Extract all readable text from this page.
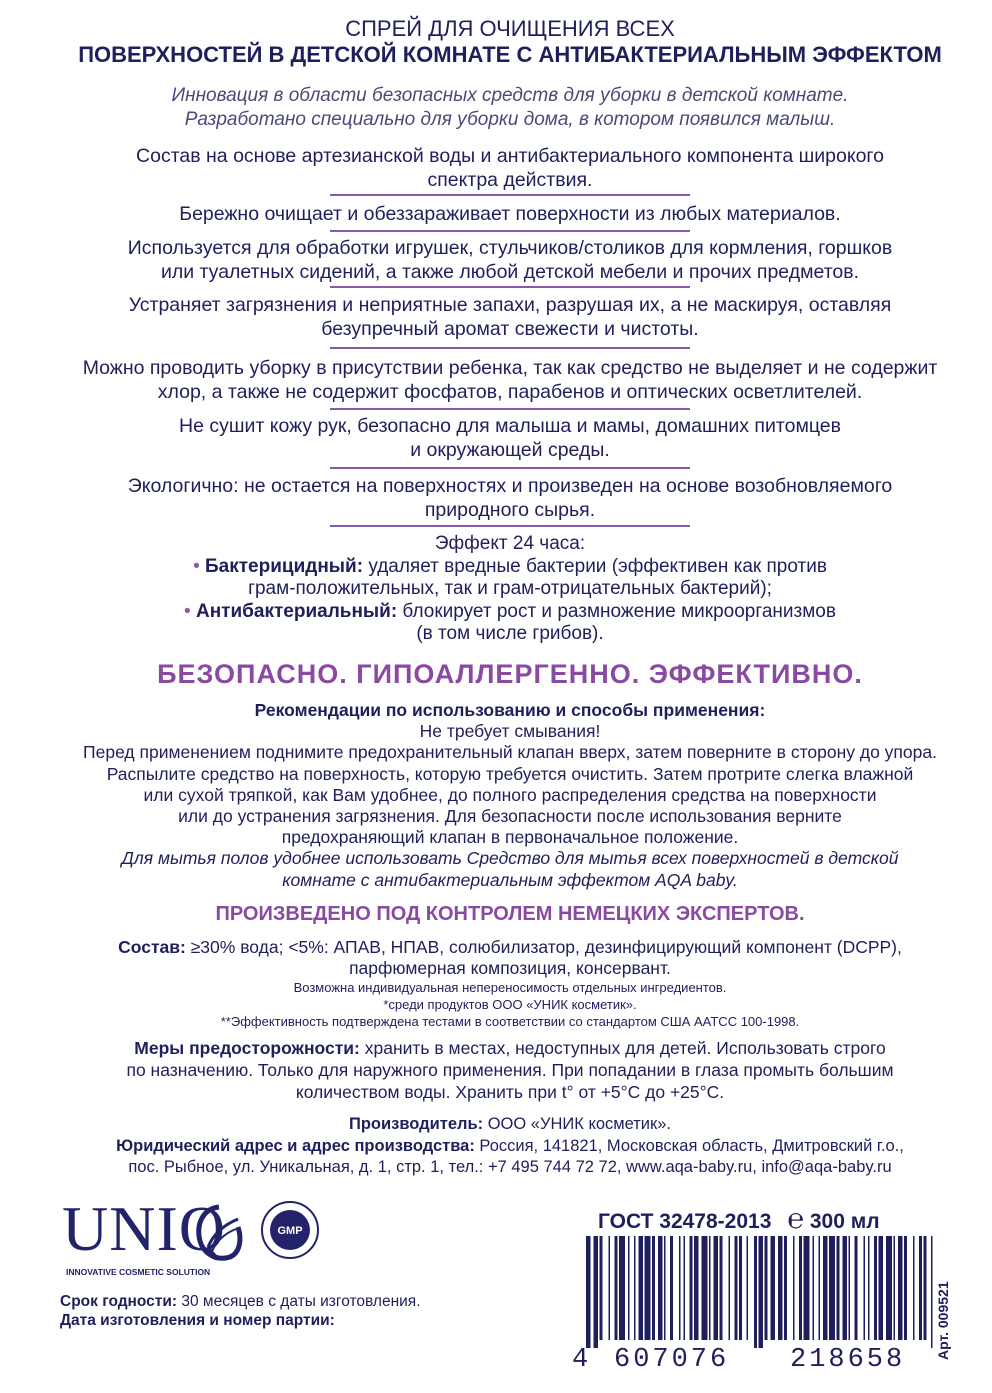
СПРЕЙ ДЛЯ ОЧИЩЕНИЯ ВСЕХ
ПОВЕРХНОСТЕЙ В ДЕТСКОЙ КОМНАТЕ С АНТИБАКТЕРИАЛЬНЫМ ЭФФЕКТОМ
Инновация в области безопасных средств для уборки в детской комнате.
Разработано специально для уборки дома, в котором появился малыш.
Состав на основе артезианской воды и антибактериального компонента широкого
спектра действия.
Бережно очищает и обеззараживает поверхности из любых материалов.
Используется для обработки игрушек, стульчиков/столиков для кормления, горшков
или туалетных сидений, а также любой детской мебели и прочих предметов.
Устраняет загрязнения и неприятные запахи, разрушая их, а не маскируя, оставляя
безупречный аромат свежести и чистоты.
Можно проводить уборку в присутствии ребенка, так как средство не выделяет и не содержит
хлор, а также не содержит фосфатов, парабенов и оптических осветлителей.
Не сушит кожу рук, безопасно для малыша и мамы, домашних питомцев
и окружающей среды.
Экологично: не остается на поверхностях и произведен на основе возобновляемого
природного сырья.
Эффект 24 часа:
• Бактерицидный: удаляет вредные бактерии (эффективен как против
грам-положительных, так и грам-отрицательных бактерий);
• Антибактериальный: блокирует рост и размножение микроорганизмов
(в том числе грибов).
БЕЗОПАСНО. ГИПОАЛЛЕРГЕННО. ЭФФЕКТИВНО.
Рекомендации по использованию и способы применения:
Не требует смывания!
Перед применением поднимите предохранительный клапан вверх, затем поверните в сторону до упора.
Распылите средство на поверхность, которую требуется очистить. Затем протрите слегка влажной
или сухой тряпкой, как Вам удобнее, до полного распределения средства на поверхности
или до устранения загрязнения. Для безопасности после использования верните
предохраняющий клапан в первоначальное положение.
Для мытья полов удобнее использовать Средство для мытья всех поверхностей в детской
комнате с антибактериальным эффектом AQA baby.
ПРОИЗВЕДЕНО ПОД КОНТРОЛЕМ НЕМЕЦКИХ ЭКСПЕРТОВ.
Состав: ≥30% вода; <5%: АПАВ, НПАВ, солюбилизатор, дезинфицирующий компонент (DCPP),
парфюмерная композиция, консервант.
Возможна индивидуальная непереносимость отдельных ингредиентов.
*среди продуктов ООО «УНИК косметик».
**Эффективность подтверждена тестами в соответствии со стандартом США AATCC 100-1998.
Меры предосторожности: хранить в местах, недоступных для детей. Использовать строго
по назначению. Только для наружного применения. При попадании в глаза промыть большим
количеством воды. Хранить при t° от +5°C до +25°C.
Производитель: ООО «УНИК косметик».
Юридический адрес и адрес производства: Россия, 141821, Московская область, Дмитровский г.о.,
пос. Рыбное, ул. Уникальная, д. 1, стр. 1, тел.: +7 495 744 72 72, www.aqa-baby.ru, info@aqa-baby.ru
UNIQ
INNOVATIVE COSMETIC SOLUTION
GMP
Срок годности: 30 месяцев с даты изготовления.
Дата изготовления и номер партии:
ГОСТ 32478-2013 ℮ 300 мл
4 607076 218658 Арт. 009521
